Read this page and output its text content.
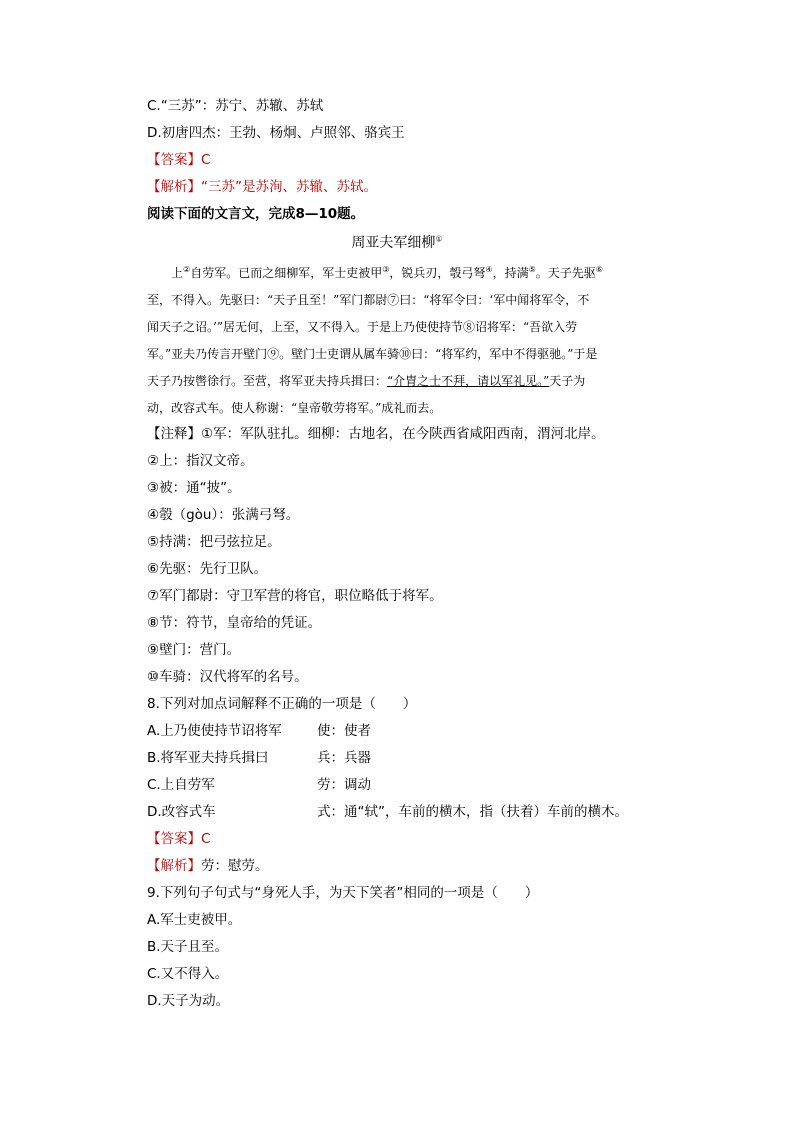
C.“三苏”：苏宁、苏辙、苏轼
D.初唐四杰：王勃、杨炯、卢照邻、骆宾王
【答案】C
【解析】“三苏”是苏洵、苏辙、苏轼。
阅读下面的文言文，完成8—10题。
周亚夫军细柳①

　　上②自劳军。已而之细柳军，军士吏被甲③，锐兵刃，彀弓弩④，持满⑤。天子先驱⑥

至，不得入。先驱曰：“天子且至！”军门都尉⑦曰：“将军令曰：‘军中闻将军令，不

闻天子之诏。’”居无何，上至，又不得入。于是上乃使使持节⑧诏将军：“吾欲入劳

军。”亚夫乃传言开壁门⑨。壁门士吏谓从属车骑⑩曰：“将军约，军中不得驱驰。”于是

天子乃按辔徐行。至营，将军亚夫持兵揖曰：“介胄之士不拜，请以军礼见。”天子为

动，改容式车。使人称谢：“皇帝敬劳将军。”成礼而去。

【注释】①军：军队驻扎。细柳：古地名，在今陕西省咸阳西南，渭河北岸。
②上：指汉文帝。
③被：通“披”。
④彀（gòu）：张满弓弩。
⑤持满：把弓弦拉足。
⑥先驱：先行卫队。
⑦军门都尉：守卫军营的将官，职位略低于将军。
⑧节：符节，皇帝给的凭证。
⑨壁门：营门。
⑩车骑：汉代将军的名号。
8.下列对加点词解释不正确的一项是（　　）
A.上乃使使持节诏将军	使：使者
B.将军亚夫持兵揖曰	兵：兵器
C.上自劳军	劳：调动
D.改容式车	式：通“轼”，车前的横木，指（扶着）车前的横木。
【答案】C
【解析】劳：慰劳。
9.下列句子句式与“身死人手，为天下笑者”相同的一项是（　　）
A.军士吏被甲。
B.天子且至。
C.又不得入。
D.天子为动。
